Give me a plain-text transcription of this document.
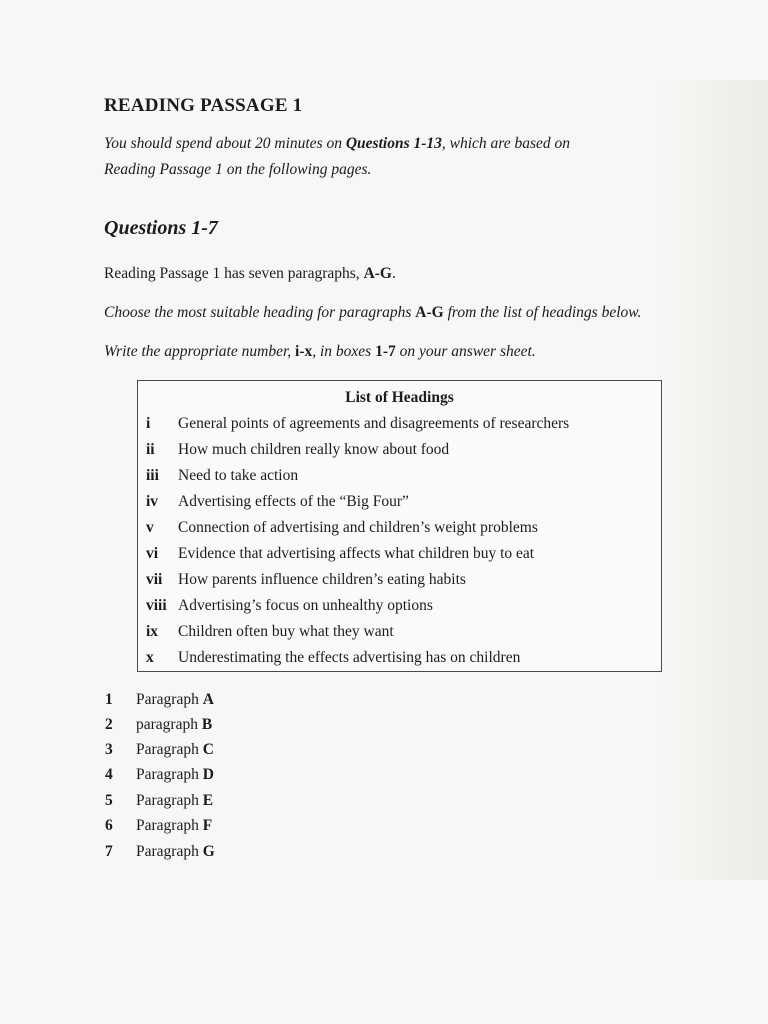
READING PASSAGE 1
You should spend about 20 minutes on Questions 1-13, which are based on
Reading Passage 1 on the following pages.
Questions 1-7
Reading Passage 1 has seven paragraphs, A-G.
Choose the most suitable heading for paragraphs A-G from the list of headings below.
Write the appropriate number, i-x, in boxes 1-7 on your answer sheet.
List of Headings
i	General points of agreements and disagreements of researchers
ii	How much children really know about food
iii	Need to take action
iv	Advertising effects of the “Big Four”
v	Connection of advertising and children’s weight problems
vi	Evidence that advertising affects what children buy to eat
vii	How parents influence children’s eating habits
viii Advertising’s focus on unhealthy options
ix	Children often buy what they want
x	Underestimating the effects advertising has on children
1	Paragraph A
2	paragraph B
3	Paragraph C
4	Paragraph D
5	Paragraph E
6	Paragraph F
7	Paragraph G
